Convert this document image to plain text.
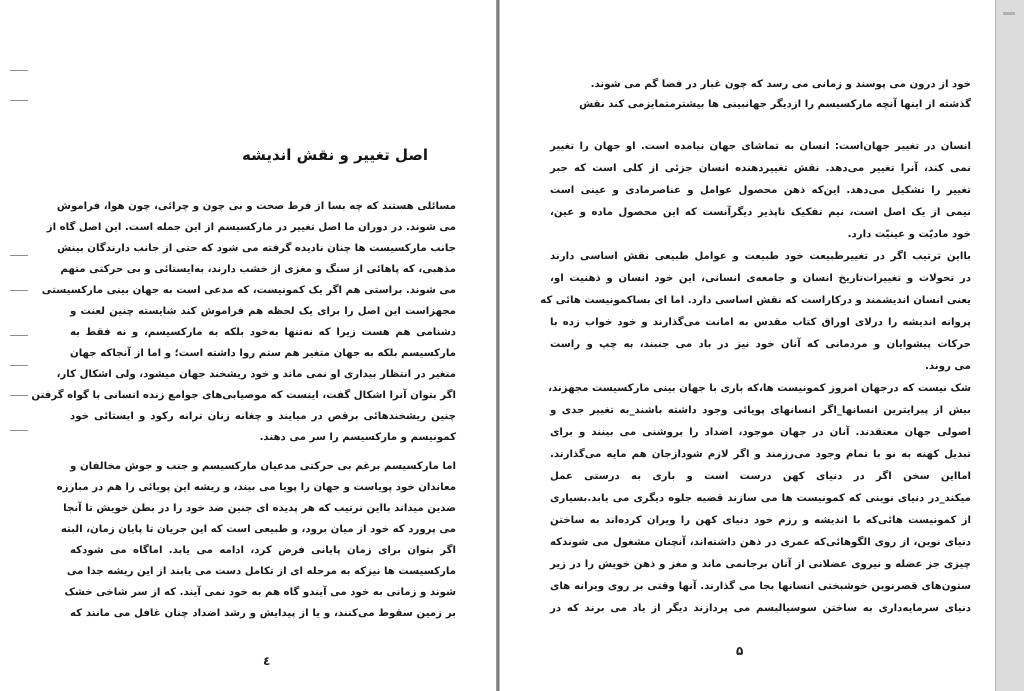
اصل تغییر و نقش اندیشه
مسائلی هستند که چه بسا از فرط صحت و بی چون و چرائی، چون هوا، فراموش
می شوند. در دوران ما اصل تغییر در مارکسیسم از این جمله است. این اصل گاه از
جانب مارکسیست ها چنان نادیده گرفته می شود که حتی از جانب دارندگان بینش
مذهبی، که پاهائی از سنگ و مغزی از خشب دارند، به‌ایستائی و بی حرکتی متهم
می شوند. براستی هم اگر یک کمونیست، که مدعی است به جهان بینی مارکسیستی
مجهزاست این اصل را برای یک لحظه هم فراموش کند شایسته چنین لعنت و
دشنامی هم هست زیرا که نه‌تنها به‌خود بلکه به مارکسیسم، و نه فقط به
مارکسیسم بلکه به جهان متغیر هم ستم روا داشته است؛ و اما از آنجاکه جهان
متغیر در انتظار بیداری او نمی ماند و خود ریشخند جهان میشود، ولی اشکال کار،
اگر بتوان آنرا اشکال گفت، اینست که موصیابی‌های جوامع زنده انسانی با گواه گرفتن
چنین ریشخندهائی برقص در میایند و چغانه زنان ترانه رکود و ایستائی خود
کمونیسم و مارکسیسم را سر می دهند.
اما مارکسیسم برغم بی حرکتی مدعیان مارکسیسم و جنب و جوش مخالفان و
معاندان خود پویاست و جهان را پویا می بیند، و ریشه این پویائی را هم در مبارزه
ضدین میداند بااین ترتیب که هر پدیده ای جنین ضد خود را در بطن خویش تا آنجا
می پرورد که خود از میان برود، و طبیعی است که این جریان تا پایان زمان، البته
اگر بتوان برای زمان پایانی فرض کرد، ادامه می یابد. اماگاه می شودکه
مارکسیست ها نیزکه به مرحله ای از تکامل دست می یابند از این ریشه جدا می
شوند و زمانی به خود می آیندو گاه هم به خود نمی آیند. که از سر شاخی خشک
بر زمین سقوط می‌کنند، و یا از پیدایش و رشد اضداد چنان غافل می مانند که
٤
خود از درون می پوسند و زمانی می رسد که چون غبار در فضا گم می شوند.
گذشته از اینها آنچه مارکسیسم را ازدیگر جهانبینی ها بیشترمتمایزمی کند نقش
انسان در تغییر جهان‌است: انسان به تماشای جهان نیامده است. او جهان را تغییر
نمی کند، آنرا تغییر می‌دهد. نقش تغییردهنده انسان جزئی از کلی است که جبر
تغییر را تشکیل می‌دهد. این‌که ذهن محصول عوامل و عناصرمادی و عینی است
نیمی از یک اصل است، نیم تفکیک ناپذیر دیگرآنست که این محصول ماده و عین،
خود مادیّت و عینیّت دارد.
بااین ترتیب اگر در تغییرطبیعت خود طبیعت و عوامل طبیعی نقش اساسی دارند
در تحولات و تغییرات‌تاریخ انسان و جامعه‌ی انسانی، این خود انسان و ذهنیت او،
یعنی انسان اندیشمند و درکاراست که نقش اساسی دارد. اما ای بساکمونیست هائی که
پروانه اندیشه را درلای اوراق کتاب مقدس به امانت می‌گذارند و خود خواب زده با
حرکات پیشوایان و مردمانی که آنان خود نیز در باد می جنبند، به چپ و راست
می روند.
شک نیست که درجهان امروز کمونیست ها،که باری با جهان بینی مارکسیست مجهزند،
بیش از پیرایترین انسانها_اگر انسانهای پویائی وجود داشته باشند_به تغییر جدی و
اصولی جهان معتقدند. آنان در جهان موجود، اضداد را بروشنی می بینند و برای
تبدیل کهنه به نو با تمام وجود می‌رزمند و اگر لازم شوداز‌جان هم مایه می‌گذارند.
امااین سخن اگر در دنیای کهن درست است و باری به درستی عمل
میکند_در دنیای نوینی که کمونیست ها می سازند قضیه جلوه دیگری می یابد.بسیاری
از کمونیست هائی‌که با اندیشه و رزم خود دنیای کهن را ویران کرده‌اند به ساختن
دنیای نوین، از روی الگوهائی‌که عمری در ذهن داشته‌اند، آنچنان مشغول می شوندکه
چیزی جز عضله و نیروی عضلانی از آنان برجانمی ماند و مغز و ذهن خویش را در زیر
ستون‌های قصرنوین خوشبختی انسانها بجا می گذارند. آنها وقتی بر روی ویرانه های
دنیای سرمایه‌داری به ساختن سوسیالیسم می پردازند دیگر از یاد می برند که در
۵
